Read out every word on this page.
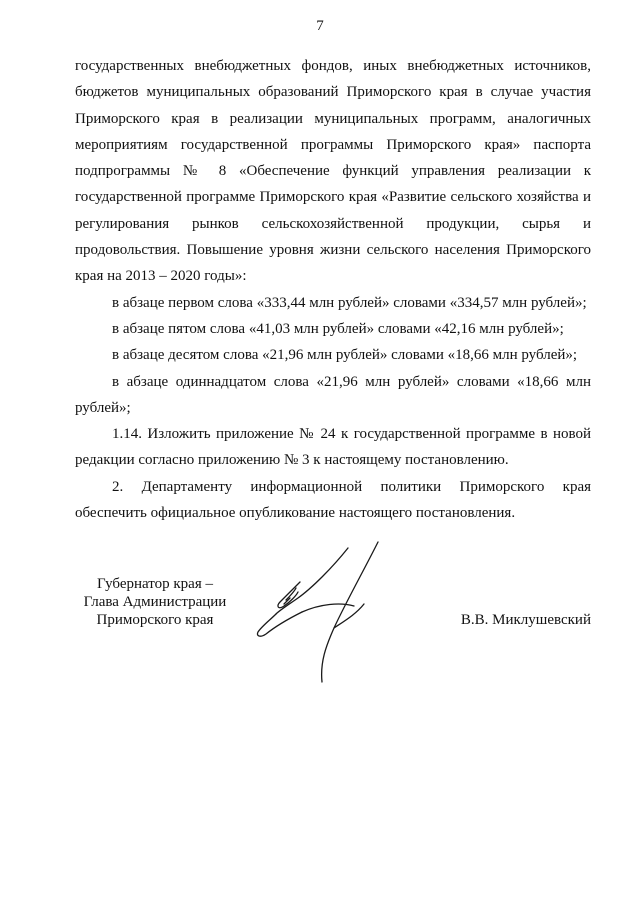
7

государственных внебюджетных фондов, иных внебюджетных источников, бюджетов муниципальных образований Приморского края в случае участия Приморского края в реализации муниципальных программ, аналогичных мероприятиям государственной программы Приморского края» паспорта подпрограммы № 8 «Обеспечение функций управления реализации к государственной программе Приморского края «Развитие сельского хозяйства и регулирования рынков сельскохозяйственной продукции, сырья и продовольствия. Повышение уровня жизни сельского населения Приморского края на 2013 – 2020 годы»:

в абзаце первом слова «333,44 млн рублей» словами «334,57 млн рублей»;

в абзаце пятом слова «41,03 млн рублей» словами «42,16 млн рублей»;

в абзаце десятом слова «21,96 млн рублей» словами «18,66 млн рублей»;

в абзаце одиннадцатом слова «21,96 млн рублей» словами «18,66 млн рублей»;

1.14. Изложить приложение № 24 к государственной программе в новой редакции согласно приложению № 3 к настоящему постановлению.

2. Департаменту информационной политики Приморского края обеспечить официальное опубликование настоящего постановления.

Губернатор края –
Глава Администрации
Приморского края	В.В. Миклушевский
